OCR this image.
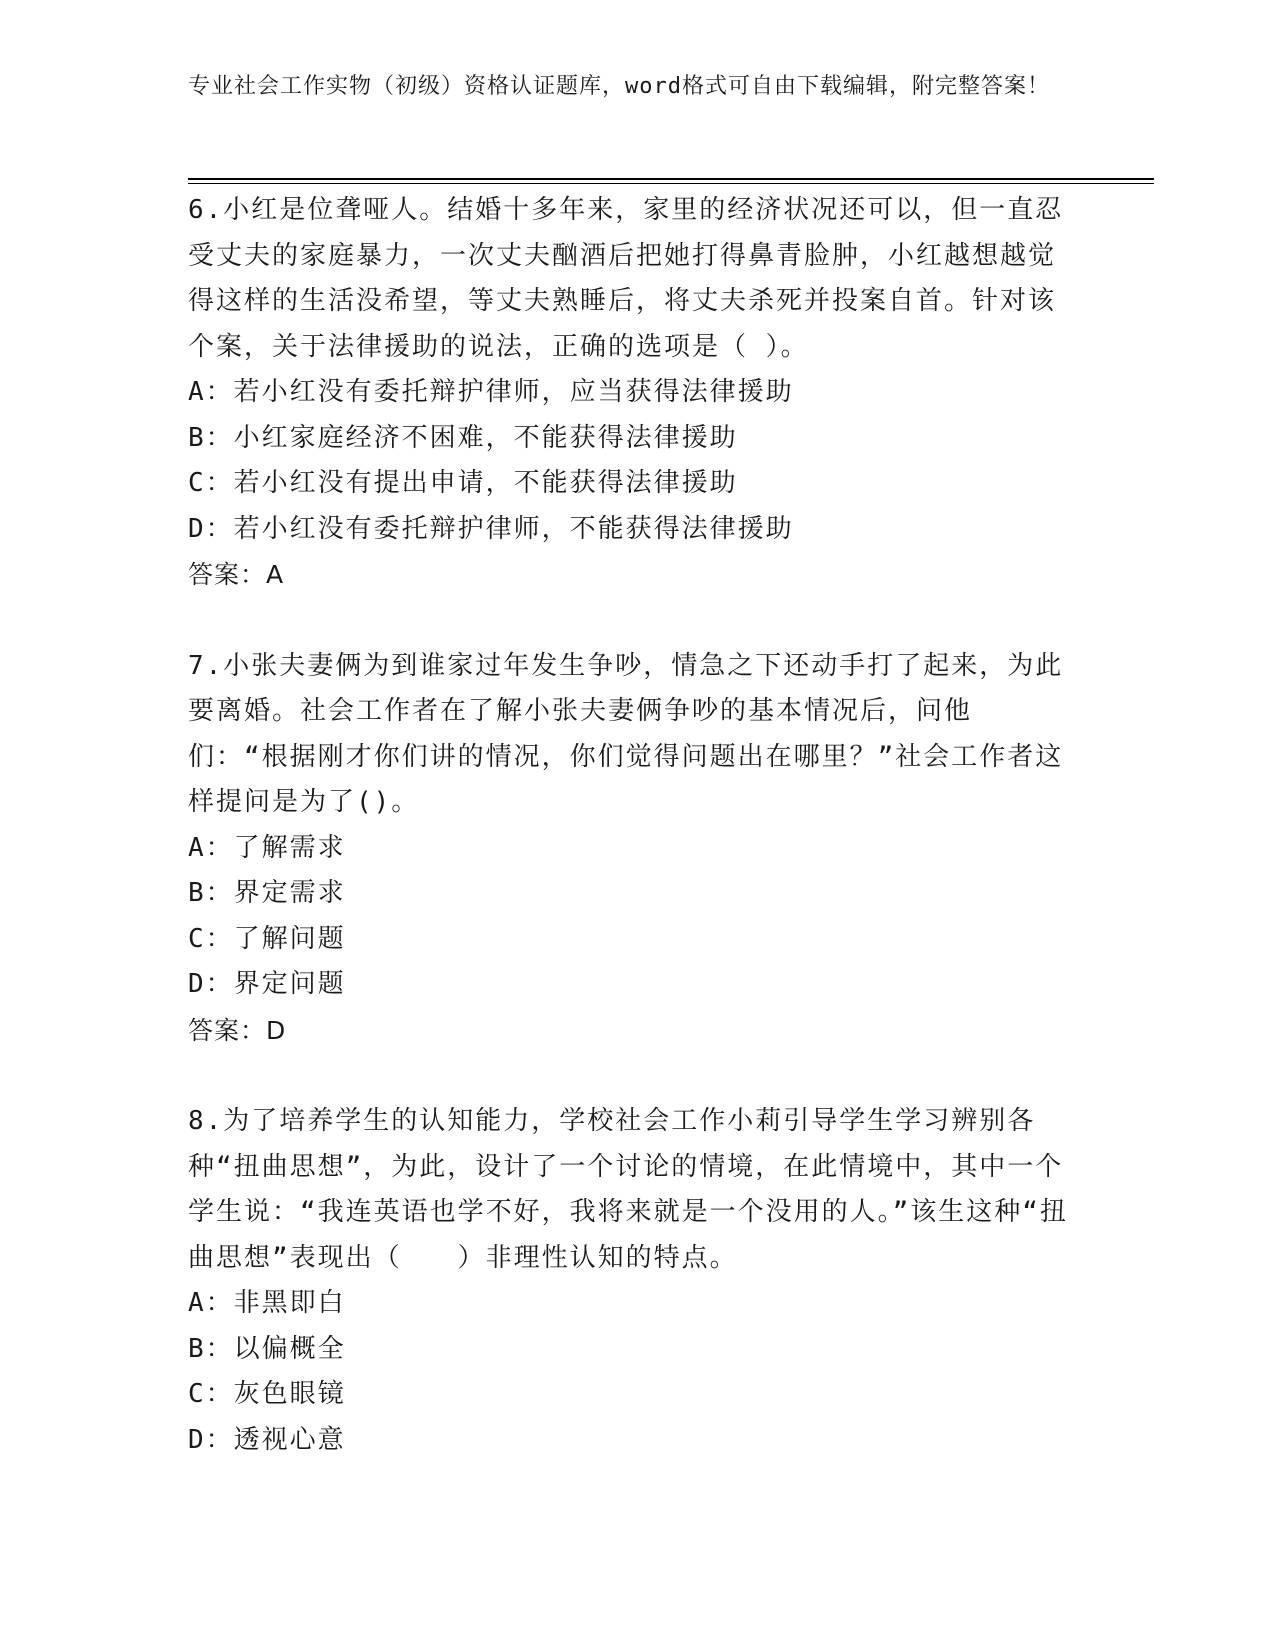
专业社会工作实物（初级）资格认证题库，word格式可自由下载编辑，附完整答案！
6.小红是位聋哑人。结婚十多年来，家里的经济状况还可以，但一直忍受丈夫的家庭暴力，一次丈夫酗酒后把她打得鼻青脸肿，小红越想越觉得这样的生活没希望，等丈夫熟睡后，将丈夫杀死并投案自首。针对该个案，关于法律援助的说法，正确的选项是（ ）。
A：若小红没有委托辩护律师，应当获得法律援助
B：小红家庭经济不困难，不能获得法律援助
C：若小红没有提出申请，不能获得法律援助
D：若小红没有委托辩护律师，不能获得法律援助
答案：A
7.小张夫妻俩为到谁家过年发生争吵，情急之下还动手打了起来，为此要离婚。社会工作者在了解小张夫妻俩争吵的基本情况后，问他们：“根据刚才你们讲的情况，你们觉得问题出在哪里？”社会工作者这样提问是为了()。
A：了解需求
B：界定需求
C：了解问题
D：界定问题
答案：D
8.为了培养学生的认知能力，学校社会工作小莉引导学生学习辨别各种“扭曲思想”，为此，设计了一个讨论的情境，在此情境中，其中一个学生说：“我连英语也学不好，我将来就是一个没用的人。”该生这种“扭曲思想”表现出（　　）非理性认知的特点。
A：非黑即白
B：以偏概全
C：灰色眼镜
D：透视心意
